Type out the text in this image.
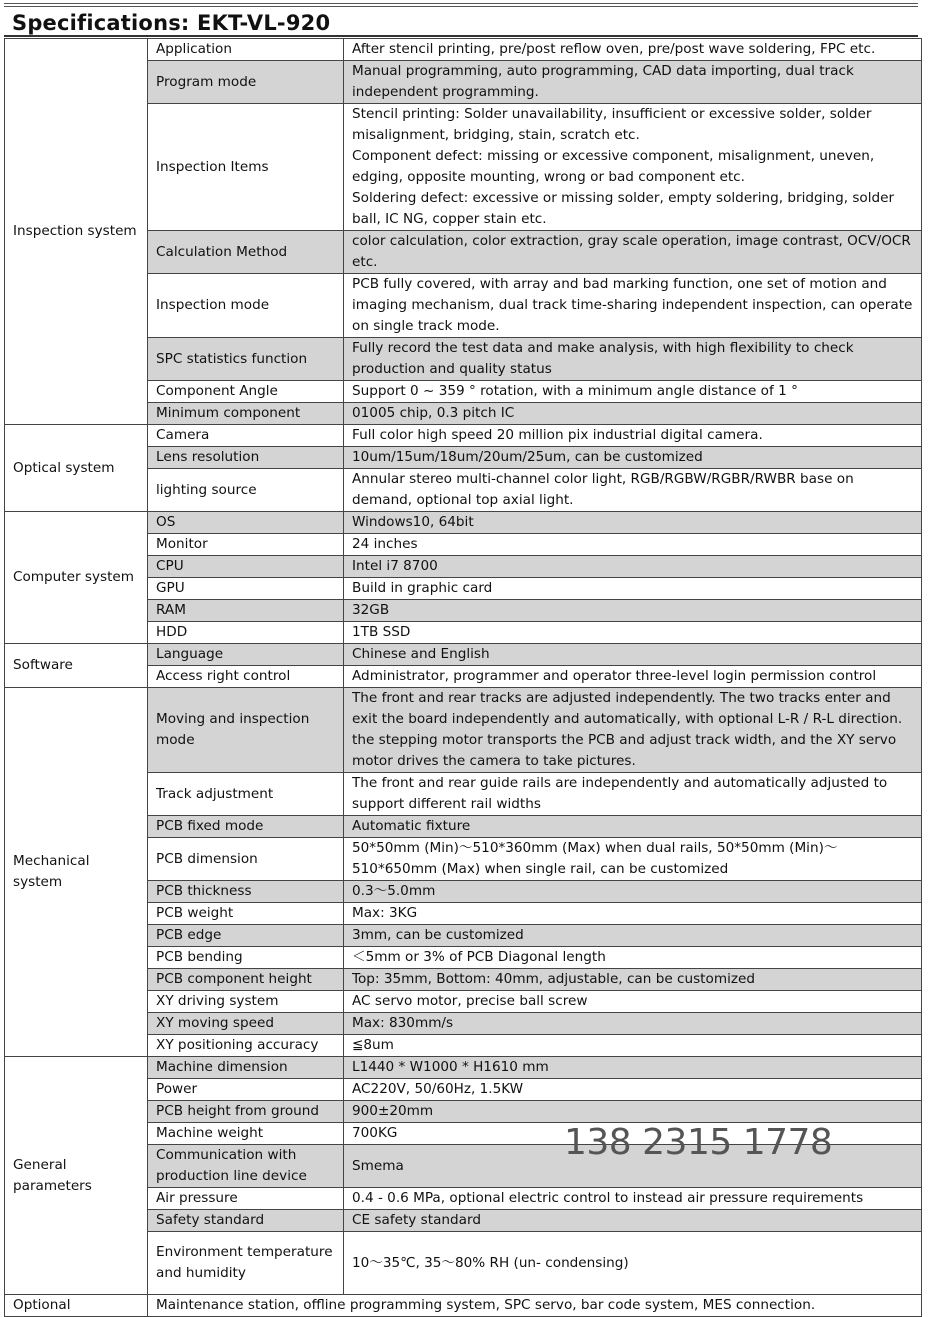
Specifications: EKT-VL-920
Inspection system	Application	After stencil printing, pre/post reflow oven, pre/post wave soldering, FPC etc.

	Program mode	Manual programming, auto programming, CAD data importing, dual track independent programming.

	Inspection Items	Stencil printing: Solder unavailability, insufficient or excessive solder, solder misalignment, bridging, stain, scratch etc.
Component defect: missing or excessive component, misalignment, uneven, edging, opposite mounting, wrong or bad component etc.
Soldering defect: excessive or missing solder, empty soldering, bridging, solder ball, IC NG, copper stain etc.

	Calculation Method	color calculation, color extraction, gray scale operation, image contrast, OCV/OCR etc.

	Inspection mode	PCB fully covered, with array and bad marking function, one set of motion and imaging mechanism, dual track time-sharing independent inspection, can operate on single track mode.

	SPC statistics function	Fully record the test data and make analysis, with high flexibility to check production and quality status

	Component Angle	Support 0 ~ 359 ° rotation, with a minimum angle distance of 1 °

	Minimum component	01005 chip, 0.3 pitch IC

Optical system	Camera	Full color high speed 20 million pix industrial digital camera.

	Lens resolution	10um/15um/18um/20um/25um, can be customized

	lighting source	Annular stereo multi-channel color light, RGB/RGBW/RGBR/RWBR base on demand, optional top axial light.

Computer system	OS	Windows10, 64bit

	Monitor	24 inches

	CPU	Intel i7 8700

	GPU	Build in graphic card

	RAM	32GB

	HDD	1TB SSD

Software	Language	Chinese and English

	Access right control	Administrator, programmer and operator three-level login permission control

Mechanical system	Moving and inspection mode	The front and rear tracks are adjusted independently. The two tracks enter and exit the board independently and automatically, with optional L-R / R-L direction. the stepping motor transports the PCB and adjust track width, and the XY servo motor drives the camera to take pictures.

	Track adjustment	The front and rear guide rails are independently and automatically adjusted to support different rail widths

	PCB fixed mode	Automatic fixture

	PCB dimension	50*50mm (Min)～510*360mm (Max) when dual rails, 50*50mm (Min)～510*650mm (Max) when single rail, can be customized

	PCB thickness	0.3～5.0mm

	PCB weight	Max: 3KG

	PCB edge	3mm, can be customized

	PCB bending	＜5mm or 3% of PCB Diagonal length

	PCB component height	Top: 35mm, Bottom: 40mm, adjustable, can be customized

	XY driving system	AC servo motor, precise ball screw

	XY moving speed	Max: 830mm/s

	XY positioning accuracy	≦8um

General parameters	Machine dimension	L1440 * W1000 * H1610 mm

	Power	AC220V, 50/60Hz, 1.5KW

	PCB height from ground	900±20mm

	Machine weight	700KG

	Communication with production line device	Smema

	Air pressure	0.4 - 0.6 MPa, optional electric control to instead air pressure requirements

	Safety standard	CE safety standard

	Environment temperature and humidity	10～35℃, 35～80% RH (un- condensing)

Optional	Maintenance station, offline programming system, SPC servo, bar code system, MES connection.	
138 2315 1778
